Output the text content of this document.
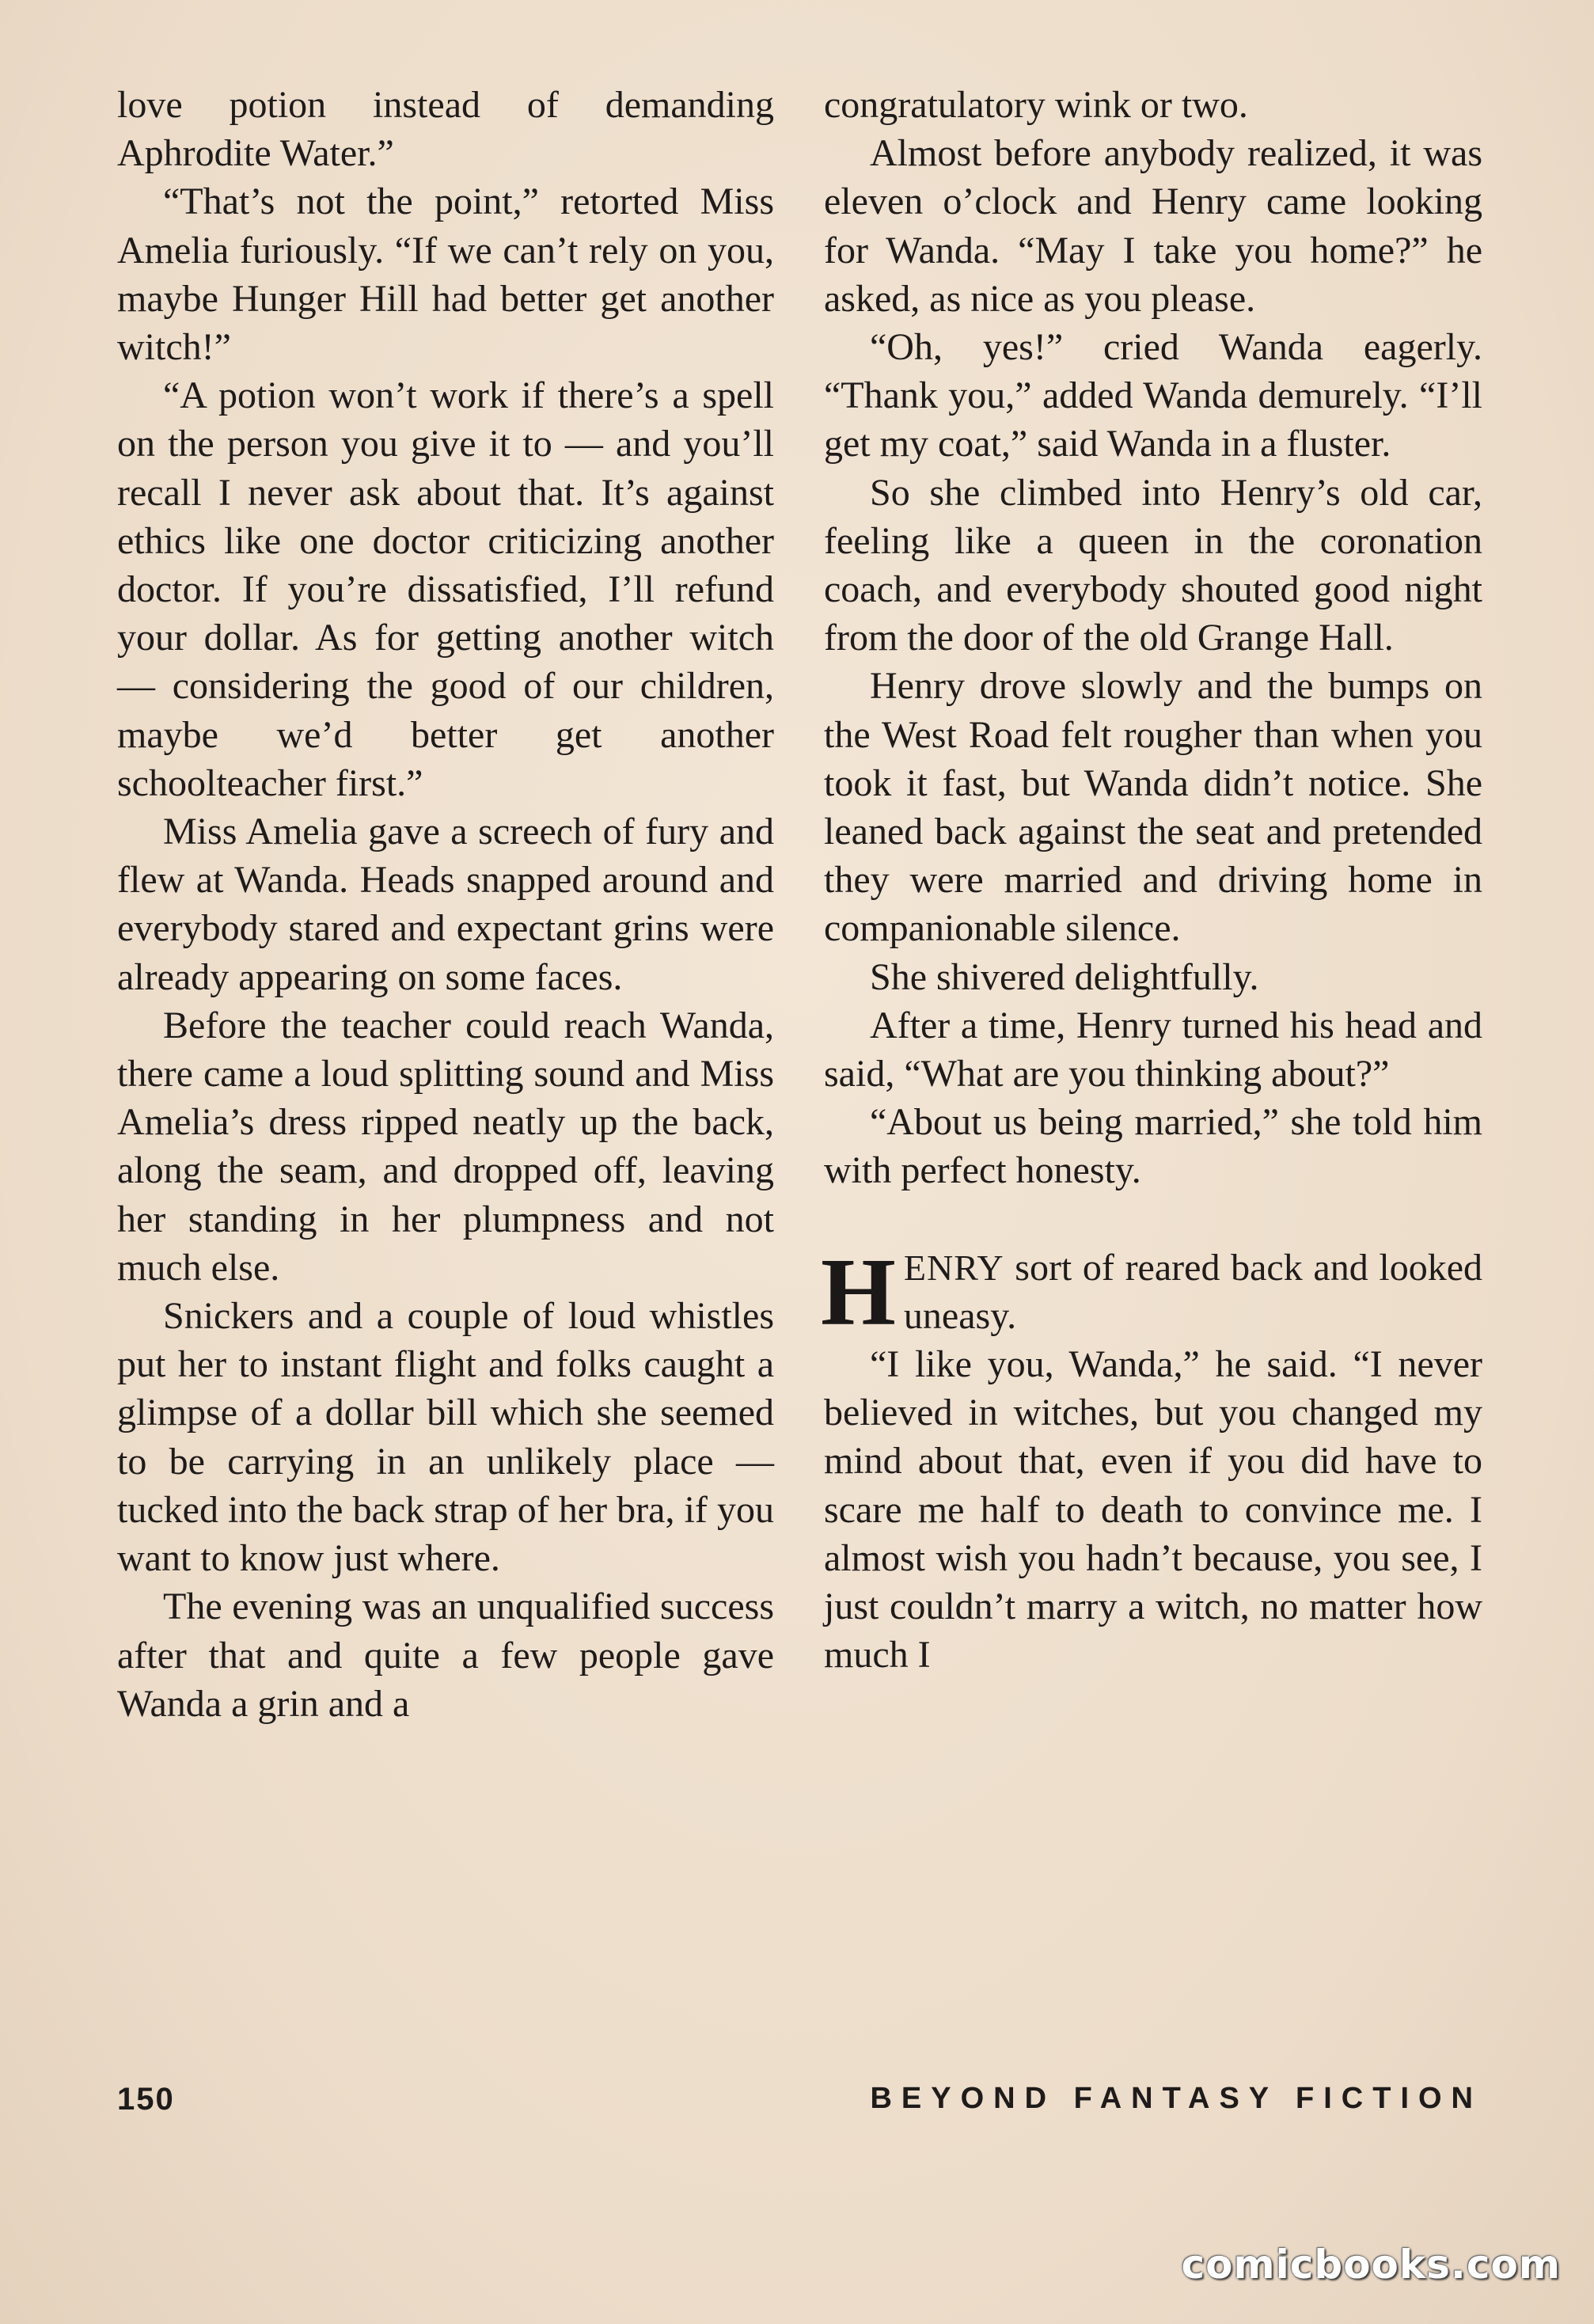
love potion instead of demanding Aphrodite Water.”

“That’s not the point,” retorted Miss Amelia furiously. “If we can’t rely on you, maybe Hunger Hill had better get another witch!”

“A potion won’t work if there’s a spell on the person you give it to — and you’ll recall I never ask about that. It’s against ethics like one doctor criticizing another doctor. If you’re dissatisfied, I’ll refund your dollar. As for getting another witch — considering the good of our children, maybe we’d better get another schoolteacher first.”

Miss Amelia gave a screech of fury and flew at Wanda. Heads snapped around and everybody stared and expectant grins were already appearing on some faces.

Before the teacher could reach Wanda, there came a loud splitting sound and Miss Amelia’s dress ripped neatly up the back, along the seam, and dropped off, leaving her standing in her plumpness and not much else.

Snickers and a couple of loud whistles put her to instant flight and folks caught a glimpse of a dollar bill which she seemed to be carrying in an unlikely place — tucked into the back strap of her bra, if you want to know just where.

The evening was an unqualified success after that and quite a few people gave Wanda a grin and a

congratulatory wink or two.

Almost before anybody realized, it was eleven o’clock and Henry came looking for Wanda. “May I take you home?” he asked, as nice as you please.

“Oh, yes!” cried Wanda eagerly. “Thank you,” added Wanda demurely. “I’ll get my coat,” said Wanda in a fluster.

So she climbed into Henry’s old car, feeling like a queen in the coronation coach, and everybody shouted good night from the door of the old Grange Hall.

Henry drove slowly and the bumps on the West Road felt rougher than when you took it fast, but Wanda didn’t notice. She leaned back against the seat and pretended they were married and driving home in companionable silence.

She shivered delightfully.

After a time, Henry turned his head and said, “What are you thinking about?”

“About us being married,” she told him with perfect honesty.

HENRY sort of reared back and looked uneasy.

“I like you, Wanda,” he said. “I never believed in witches, but you changed my mind about that, even if you did have to scare me half to death to convince me. I almost wish you hadn’t because, you see, I just couldn’t marry a witch, no matter how much I

150	BEYOND FANTASY FICTION
comicbooks.com
